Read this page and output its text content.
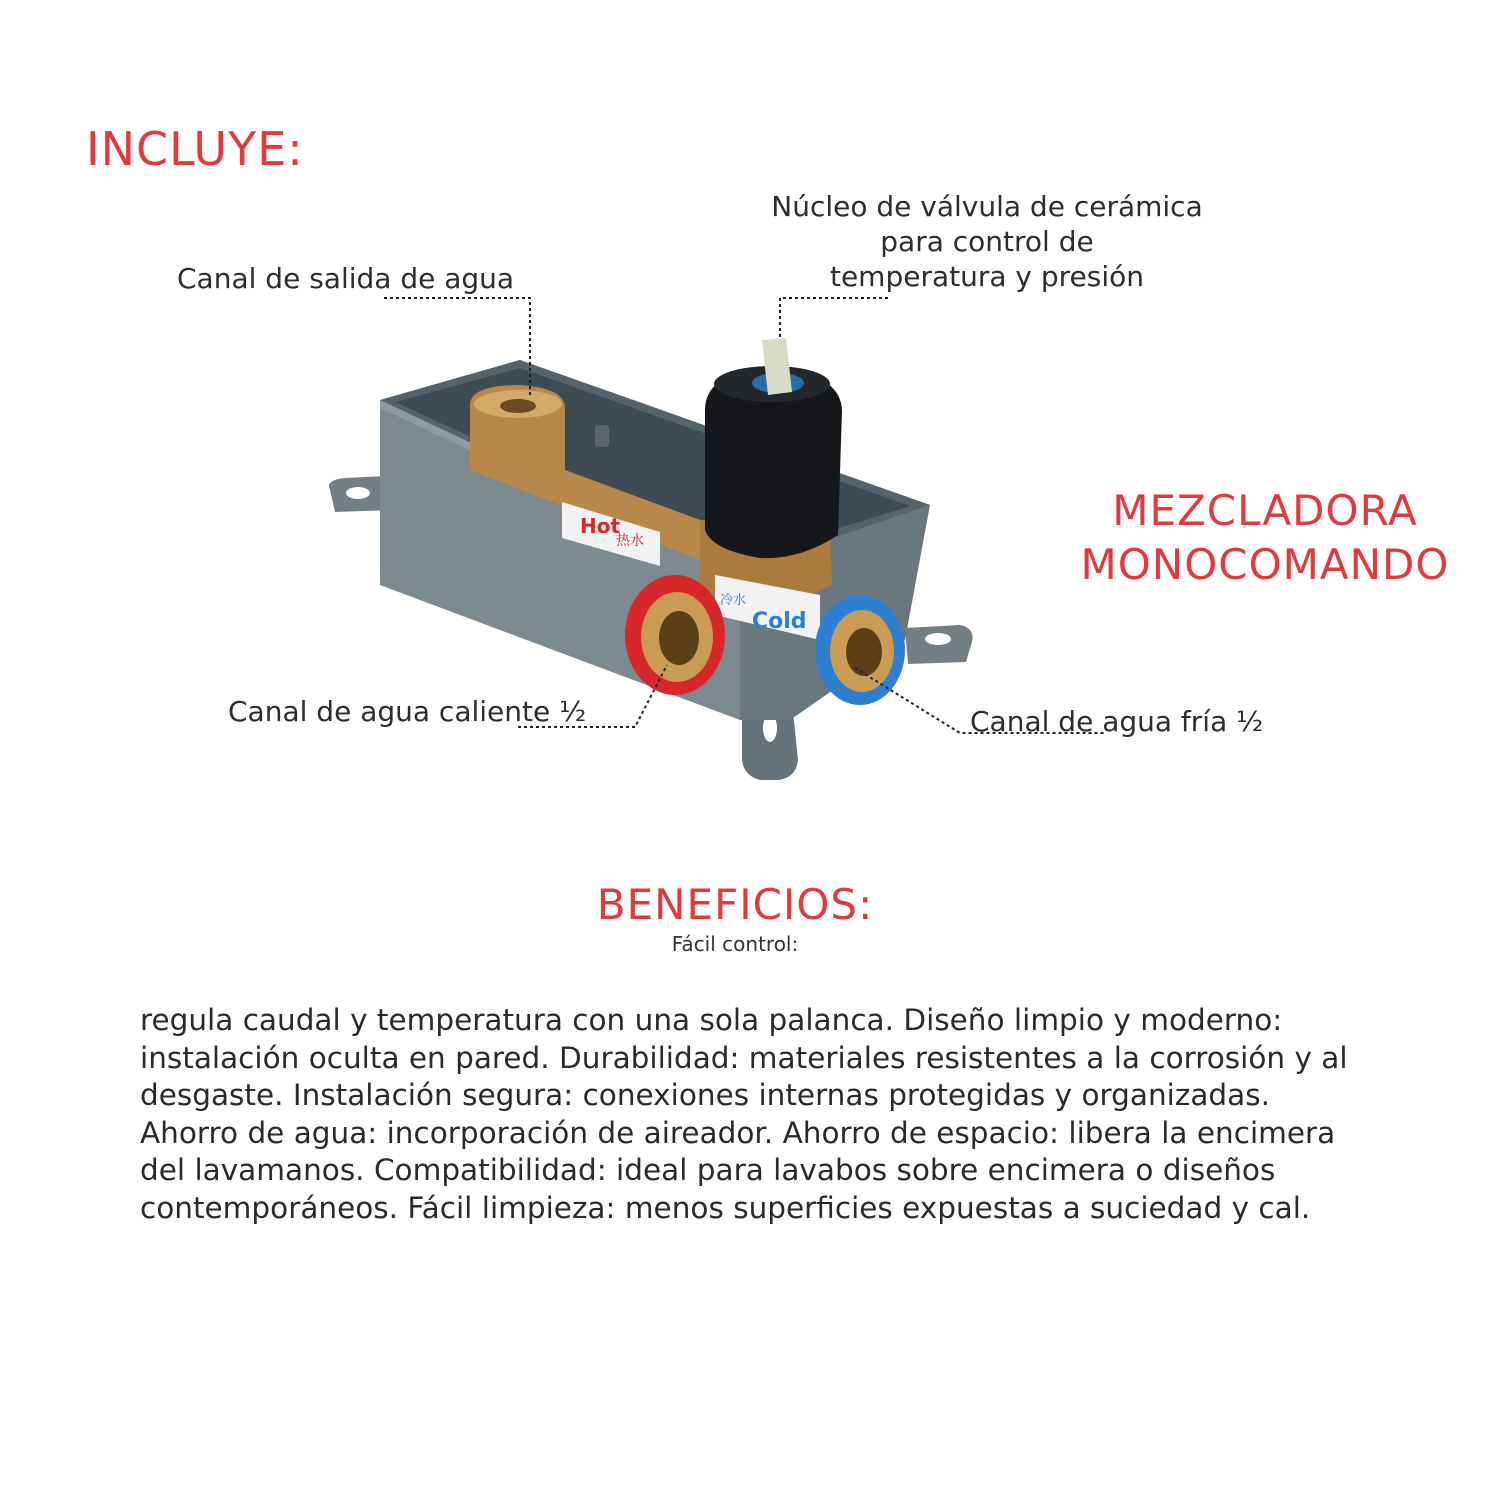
INCLUYE:
Hot
热水
冷水
Cold
Canal de salida de agua
Núcleo de válvula de cerámica
para control de
temperatura y presión
MEZCLADORA
MONOCOMANDO
Canal de agua caliente ½	Canal de agua fría ½
BENEFICIOS:
Fácil control:
regula caudal y temperatura con una sola palanca. Diseño limpio y moderno:
instalación oculta en pared. Durabilidad: materiales resistentes a la corrosión y al
desgaste. Instalación segura: conexiones internas protegidas y organizadas.
Ahorro de agua: incorporación de aireador. Ahorro de espacio: libera la encimera
del lavamanos. Compatibilidad: ideal para lavabos sobre encimera o diseños
contemporáneos. Fácil limpieza: menos superficies expuestas a suciedad y cal.
